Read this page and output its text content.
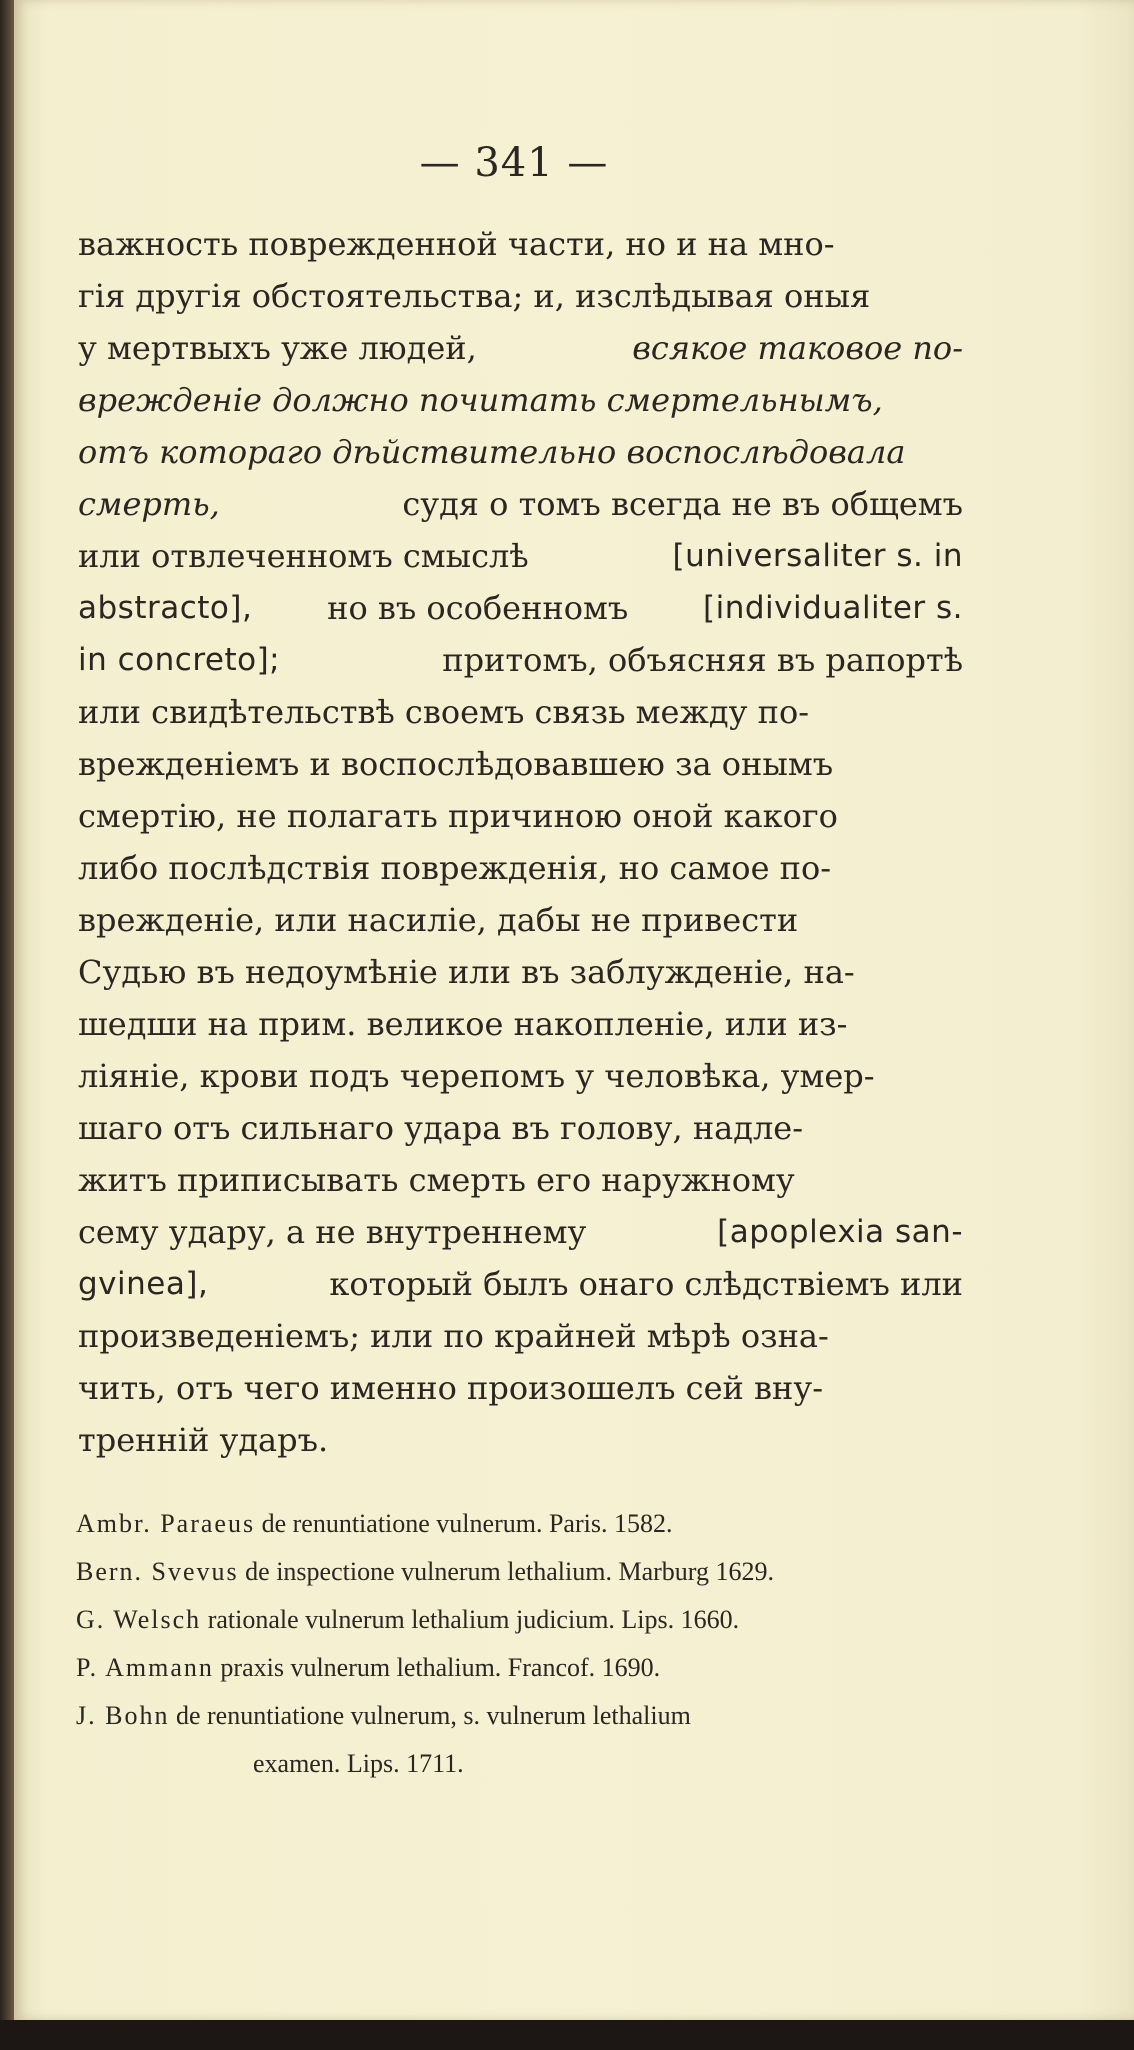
— 341 —
важность поврежденной части, но и на мно-
гія другія обстоятельства; и, изслѣдывая оныя
у мертвыхъ уже людей,	всякое таковое по-
врежденіе должно почитать смертельнымъ,
отъ котораго дѣйствительно воспослѣдовала
смерть,	судя о томъ всегда не въ общемъ
или отвлеченномъ смыслѣ	[universaliter s. in
abstracto], но въ особенномъ [individualiter s.
in concreto];	притомъ, объясняя въ рапортѣ
или свидѣтельствѣ своемъ связь между по-
врежденіемъ и воспослѣдовавшею за онымъ
смертію, не полагать причиною оной какого
либо послѣдствія поврежденія, но самое по-
врежденіе, или насиліе, дабы не привести
Судью въ недоумѣніе или въ заблужденіе, на-
шедши на прим. великое накопленіе, или из-
ліяніе, крови подъ черепомъ у человѣка, умер-
шаго отъ сильнаго удара въ голову, надле-
житъ приписывать смерть его наружному
сему удару, а не внутреннему	[apoplexia san-
gvinea],	который былъ онаго слѣдствіемъ или
произведеніемъ; или по крайней мѣрѣ озна-
чить, отъ чего именно произошелъ сей вну-
тренній ударъ.
Ambr. Paraeus de renuntiatione vulnerum. Paris. 1582.
Bern. Svevus de inspectione vulnerum lethalium. Marburg 1629.
G. Welsch rationale vulnerum lethalium judicium. Lips. 1660.
P. Ammann praxis vulnerum lethalium. Francof. 1690.
J. Bohn de renuntiatione vulnerum, s. vulnerum lethalium
examen. Lips. 1711.
